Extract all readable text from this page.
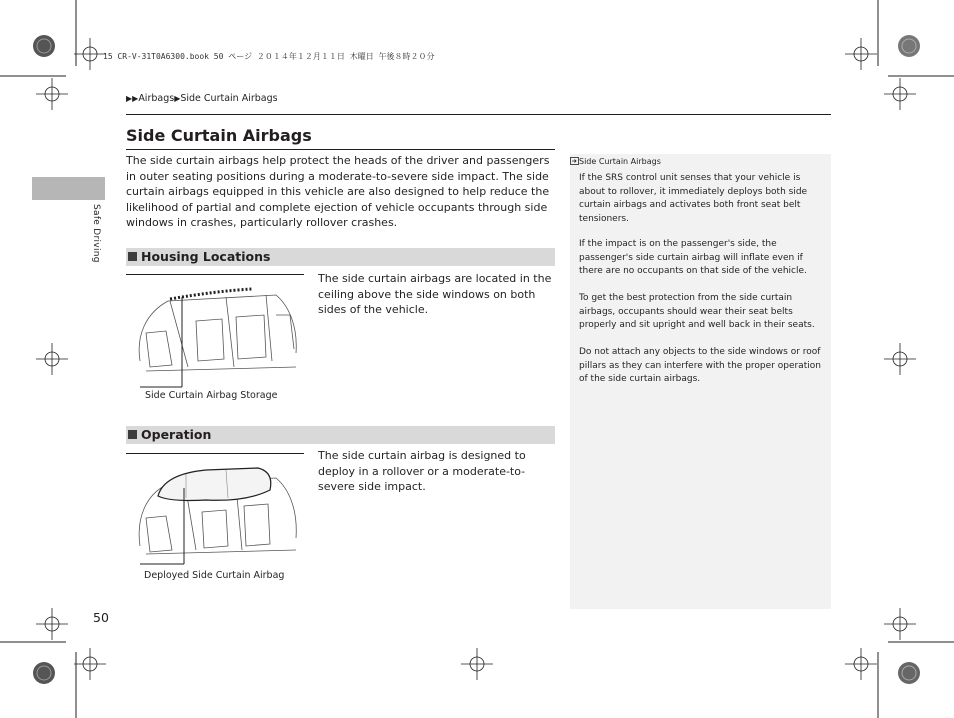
15 CR-V-31T0A6300.book 50 ページ ２０１４年１２月１１日 木曜日 午後８時２０分
▶▶Airbags▶Side Curtain Airbags
Safe Driving
Side Curtain Airbags

The side curtain airbags help protect the heads of the driver and passengers in outer seating positions during a moderate-to-severe side impact. The side curtain airbags equipped in this vehicle are also designed to help reduce the likelihood of partial and complete ejection of vehicle occupants through side windows in crashes, particularly rollover crashes.

Housing Locations
Side Curtain Airbag Storage

The side curtain airbags are located in the ceiling above the side windows on both sides of the vehicle.

Operation
Deployed Side Curtain Airbag

The side curtain airbag is designed to deploy in a rollover or a moderate-to-severe side impact.

Side Curtain Airbags

If the SRS control unit senses that your vehicle is about to rollover, it immediately deploys both side curtain airbags and activates both front seat belt tensioners.

If the impact is on the passenger's side, the passenger's side curtain airbag will inflate even if there are no occupants on that side of the vehicle.

To get the best protection from the side curtain airbags, occupants should wear their seat belts properly and sit upright and well back in their seats.

Do not attach any objects to the side windows or roof pillars as they can interfere with the proper operation of the side curtain airbags.

50
